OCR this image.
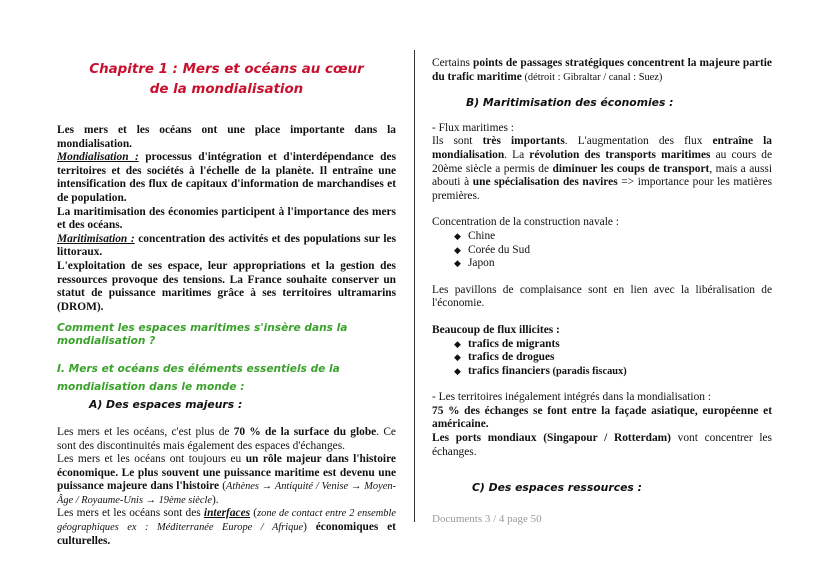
Chapitre 1 : Mers et océans au cœur de la mondialisation

Les mers et les océans ont une place importante dans la mondialisation.

Mondialisation : processus d'intégration et d'interdépendance des territoires et des sociétés à l'échelle de la planète. Il entraîne une intensification des flux de capitaux d'information de marchandises et de population.

La maritimisation des économies participent à l'importance des mers et des océans.

Maritimisation : concentration des activités et des populations sur les littoraux.

L'exploitation de ses espace, leur appropriations et la gestion des ressources provoque des tensions. La France souhaite conserver un statut de puissance maritimes grâce à ses territoires ultramarins (DROM).

Comment les espaces maritimes s'insère dans la mondialisation ?

I. Mers et océans des éléments essentiels de la mondialisation dans le monde :

A) Des espaces majeurs :

Les mers et les océans, c'est plus de 70 % de la surface du globe. Ce sont des discontinuités mais également des espaces d'échanges.

Les mers et les océans ont toujours eu un rôle majeur dans l'histoire économique. Le plus souvent une puissance maritime est devenu une puissance majeure dans l'histoire (Athènes → Antiquité / Venise → Moyen-Âge / Royaume-Unis → 19ème siècle).

Les mers et les océans sont des interfaces (zone de contact entre 2 ensemble géographiques ex : Méditerranée Europe / Afrique) économiques et culturelles.

Certains points de passages stratégiques concentrent la majeure partie du trafic maritime (détroit : Gibraltar / canal : Suez)

B) Maritimisation des économies :

- Flux maritimes :

Ils sont très importants. L'augmentation des flux entraîne la mondialisation. La révolution des transports maritimes au cours de 20ème siècle a permis de diminuer les coups de transport, mais a aussi abouti à une spécialisation des navires => importance pour les matières premières.

Concentration de la construction navale :

◆ Chine
◆ Corée du Sud
◆ Japon

Les pavillons de complaisance sont en lien avec la libéralisation de l'économie.

Beaucoup de flux illicites :

◆ trafics de migrants
◆ trafics de drogues
◆ trafics financiers (paradis fiscaux)

- Les territoires inégalement intégrés dans la mondialisation :

75 % des échanges se font entre la façade asiatique, européenne et américaine.

Les ports mondiaux (Singapour / Rotterdam) vont concentrer les échanges.

C) Des espaces ressources :

Documents 3 / 4 page 50
